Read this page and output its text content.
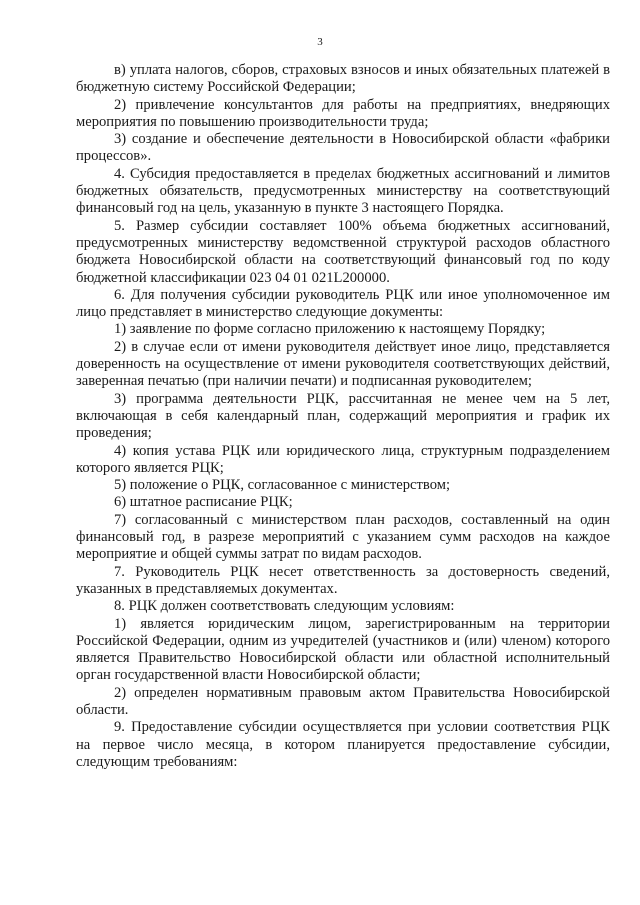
3

в) уплата налогов, сборов, страховых взносов и иных обязательных платежей в бюджетную систему Российской Федерации;

2) привлечение консультантов для работы на предприятиях, внедряющих мероприятия по повышению производительности труда;

3) создание и обеспечение деятельности в Новосибирской области «фабрики процессов».

4. Субсидия предоставляется в пределах бюджетных ассигнований и лимитов бюджетных обязательств, предусмотренных министерству на соответствующий финансовый год на цель, указанную в пункте 3 настоящего Порядка.

5. Размер субсидии составляет 100% объема бюджетных ассигнований, предусмотренных министерству ведомственной структурой расходов областного бюджета Новосибирской области на соответствующий финансовый год по коду бюджетной классификации 023 04 01 021L200000.

6. Для получения субсидии руководитель РЦК или иное уполномоченное им лицо представляет в министерство следующие документы:

1) заявление по форме согласно приложению к настоящему Порядку;

2) в случае если от имени руководителя действует иное лицо, представляется доверенность на осуществление от имени руководителя соответствующих действий, заверенная печатью (при наличии печати) и подписанная руководителем;

3) программа деятельности РЦК, рассчитанная не менее чем на 5 лет, включающая в себя календарный план, содержащий мероприятия и график их проведения;

4) копия устава РЦК или юридического лица, структурным подразделением которого является РЦК;

5) положение о РЦК, согласованное с министерством;

6) штатное расписание РЦК;

7) согласованный с министерством план расходов, составленный на один финансовый год, в разрезе мероприятий с указанием сумм расходов на каждое мероприятие и общей суммы затрат по видам расходов.

7. Руководитель РЦК несет ответственность за достоверность сведений, указанных в представляемых документах.

8. РЦК должен соответствовать следующим условиям:

1) является юридическим лицом, зарегистрированным на территории Российской Федерации, одним из учредителей (участников и (или) членом) которого является Правительство Новосибирской области или областной исполнительный орган государственной власти Новосибирской области;

2) определен нормативным правовым актом Правительства Новосибирской области.

9. Предоставление субсидии осуществляется при условии соответствия РЦК на первое число месяца, в котором планируется предоставление субсидии, следующим требованиям:
